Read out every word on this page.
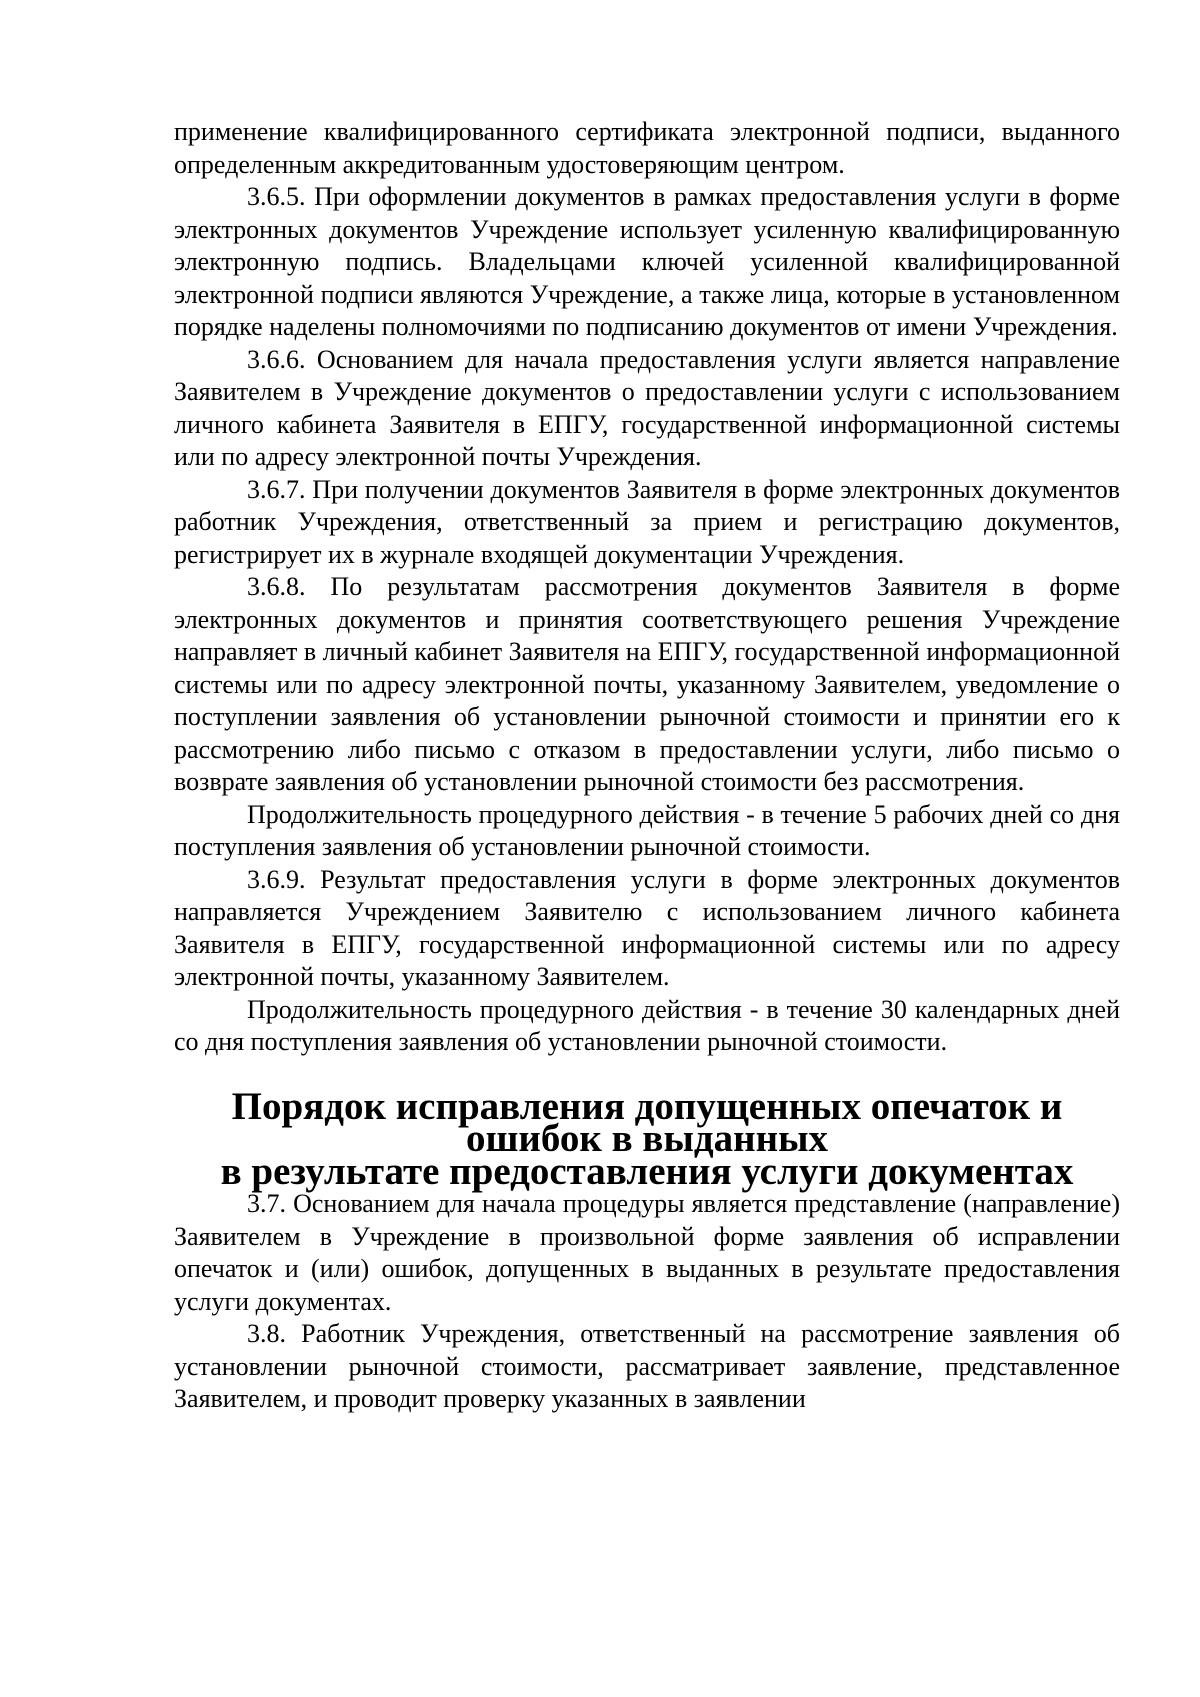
применение квалифицированного сертификата электронной подписи, выданного определенным аккредитованным удостоверяющим центром.

3.6.5. При оформлении документов в рамках предоставления услуги в форме электронных документов Учреждение использует усиленную квалифицированную электронную подпись. Владельцами ключей усиленной квалифицированной электронной подписи являются Учреждение, а также лица, которые в установленном порядке наделены полномочиями по подписанию документов от имени Учреждения.

3.6.6. Основанием для начала предоставления услуги является направление Заявителем в Учреждение документов о предоставлении услуги с использованием личного кабинета Заявителя в ЕПГУ, государственной информационной системы или по адресу электронной почты Учреждения.

3.6.7. При получении документов Заявителя в форме электронных документов работник Учреждения, ответственный за прием и регистрацию документов, регистрирует их в журнале входящей документации Учреждения.

3.6.8. По результатам рассмотрения документов Заявителя в форме электронных документов и принятия соответствующего решения Учреждение направляет в личный кабинет Заявителя на ЕПГУ, государственной информационной системы или по адресу электронной почты, указанному Заявителем, уведомление о поступлении заявления об установлении рыночной стоимости и принятии его к рассмотрению либо письмо с отказом в предоставлении услуги, либо письмо о возврате заявления об установлении рыночной стоимости без рассмотрения.

Продолжительность процедурного действия - в течение 5 рабочих дней со дня поступления заявления об установлении рыночной стоимости.

3.6.9. Результат предоставления услуги в форме электронных документов направляется Учреждением Заявителю с использованием личного кабинета Заявителя в ЕПГУ, государственной информационной системы или по адресу электронной почты, указанному Заявителем.

Продолжительность процедурного действия - в течение 30 календарных дней со дня поступления заявления об установлении рыночной стоимости.

Порядок исправления допущенных опечаток и ошибок в выданных
в результате предоставления услуги документах

3.7. Основанием для начала процедуры является представление (направление) Заявителем в Учреждение в произвольной форме заявления об исправлении опечаток и (или) ошибок, допущенных в выданных в результате предоставления услуги документах.

3.8. Работник Учреждения, ответственный на рассмотрение заявления об установлении рыночной стоимости, рассматривает заявление, представленное Заявителем, и проводит проверку указанных в заявлении
